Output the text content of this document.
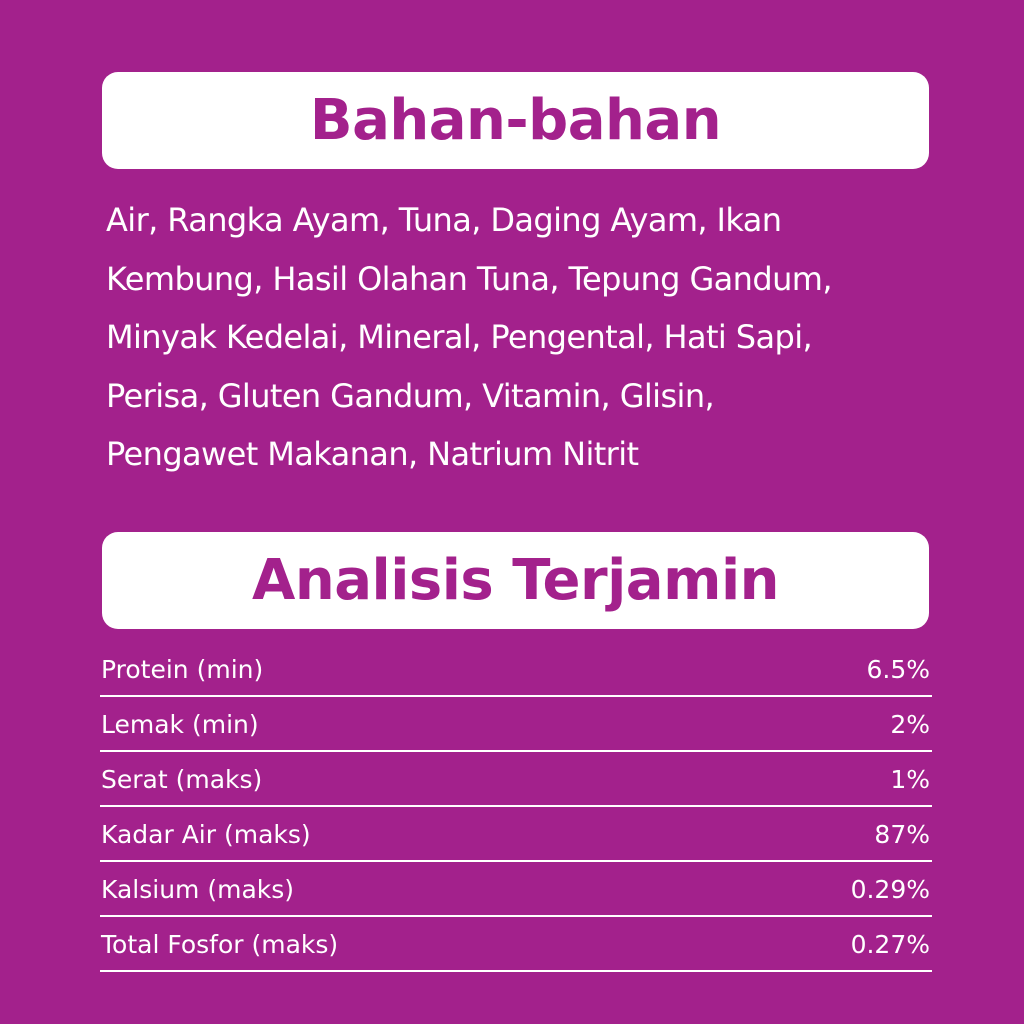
Bahan-bahan
Air, Rangka Ayam, Tuna, Daging Ayam, Ikan
Kembung, Hasil Olahan Tuna, Tepung Gandum,
Minyak Kedelai, Mineral, Pengental, Hati Sapi,
Perisa, Gluten Gandum, Vitamin, Glisin,
Pengawet Makanan, Natrium Nitrit
Analisis Terjamin
Protein (min)	6.5%
Lemak (min)	2%
Serat (maks)	1%
Kadar Air (maks)	87%
Kalsium (maks)	0.29%
Total Fosfor (maks)	0.27%
